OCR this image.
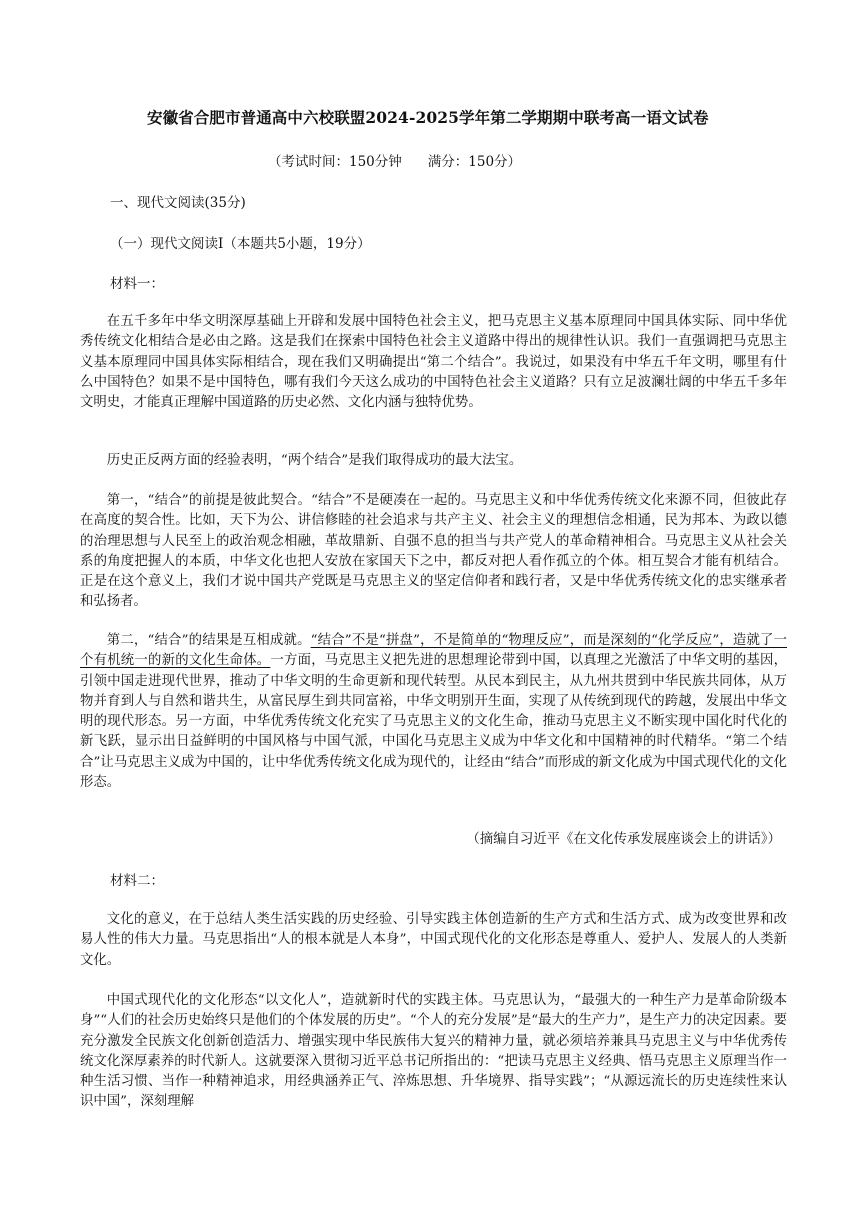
安徽省合肥市普通高中六校联盟2024-2025学年第二学期期中联考高一语文试卷
（考试时间：150分钟 满分：150分）
一、现代文阅读(35分)
（一）现代文阅读Ⅰ（本题共5小题，19分）
材料一：

在五千多年中华文明深厚基础上开辟和发展中国特色社会主义，把马克思主义基本原理同中国具体实际、同中华优秀传统文化相结合是必由之路。这是我们在探索中国特色社会主义道路中得出的规律性认识。我们一直强调把马克思主义基本原理同中国具体实际相结合，现在我们又明确提出“第二个结合”。我说过，如果没有中华五千年文明，哪里有什么中国特色？如果不是中国特色，哪有我们今天这么成功的中国特色社会主义道路？只有立足波澜壮阔的中华五千多年文明史，才能真正理解中国道路的历史必然、文化内涵与独特优势。

历史正反两方面的经验表明，“两个结合”是我们取得成功的最大法宝。

第一，“结合”的前提是彼此契合。“结合”不是硬凑在一起的。马克思主义和中华优秀传统文化来源不同，但彼此存在高度的契合性。比如，天下为公、讲信修睦的社会追求与共产主义、社会主义的理想信念相通，民为邦本、为政以德的治理思想与人民至上的政治观念相融，革故鼎新、自强不息的担当与共产党人的革命精神相合。马克思主义从社会关系的角度把握人的本质，中华文化也把人安放在家国天下之中，都反对把人看作孤立的个体。相互契合才能有机结合。正是在这个意义上，我们才说中国共产党既是马克思主义的坚定信仰者和践行者，又是中华优秀传统文化的忠实继承者和弘扬者。

第二，“结合”的结果是互相成就。“结合”不是“拼盘”，不是简单的“物理反应”，而是深刻的“化学反应”，造就了一个有机统一的新的文化生命体。一方面，马克思主义把先进的思想理论带到中国，以真理之光激活了中华文明的基因，引领中国走进现代世界，推动了中华文明的生命更新和现代转型。从民本到民主，从九州共贯到中华民族共同体，从万物并育到人与自然和谐共生，从富民厚生到共同富裕，中华文明别开生面，实现了从传统到现代的跨越，发展出中华文明的现代形态。另一方面，中华优秀传统文化充实了马克思主义的文化生命，推动马克思主义不断实现中国化时代化的新飞跃，显示出日益鲜明的中国风格与中国气派，中国化马克思主义成为中华文化和中国精神的时代精华。“第二个结合”让马克思主义成为中国的，让中华优秀传统文化成为现代的，让经由“结合”而形成的新文化成为中国式现代化的文化形态。

（摘编自习近平《在文化传承发展座谈会上的讲话》）
材料二：

文化的意义，在于总结人类生活实践的历史经验、引导实践主体创造新的生产方式和生活方式、成为改变世界和改易人性的伟大力量。马克思指出“人的根本就是人本身”，中国式现代化的文化形态是尊重人、爱护人、发展人的人类新文化。

中国式现代化的文化形态“以文化人”，造就新时代的实践主体。马克思认为，“最强大的一种生产力是革命阶级本身”“人们的社会历史始终只是他们的个体发展的历史”。“个人的充分发展”是“最大的生产力”，是生产力的决定因素。要充分激发全民族文化创新创造活力、增强实现中华民族伟大复兴的精神力量，就必须培养兼具马克思主义与中华优秀传统文化深厚素养的时代新人。这就要深入贯彻习近平总书记所指出的：“把读马克思主义经典、悟马克思主义原理当作一种生活习惯、当作一种精神追求，用经典涵养正气、淬炼思想、升华境界、指导实践”；“从源远流长的历史连续性来认识中国”，深刻理解
